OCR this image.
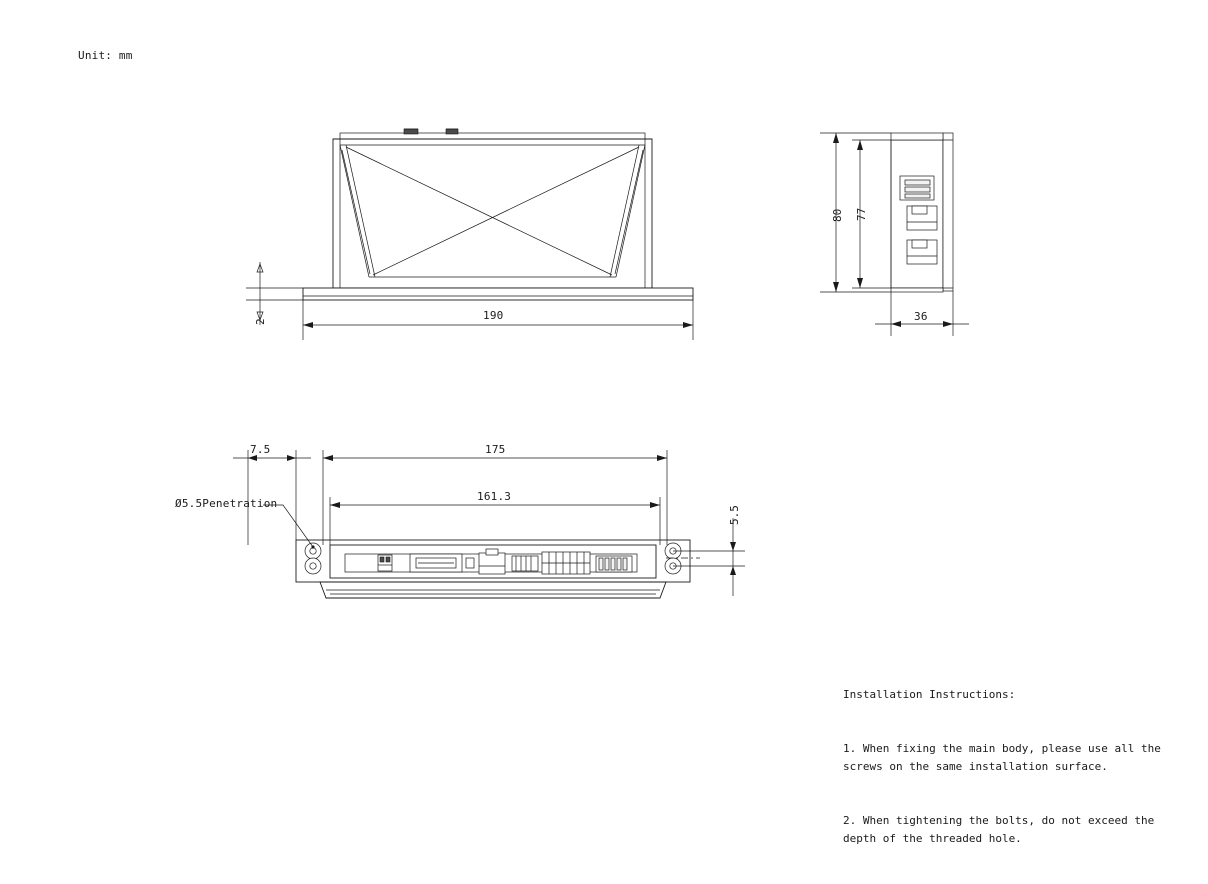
Unit: mm
190
2
80 77
36
7.5	175
161.3
5.5
Ø5.5Penetration

Installation Instructions:

1. When fixing the main body, please use all the screws on the same installation surface.

2. When tightening the bolts, do not exceed the depth of the threaded hole.
